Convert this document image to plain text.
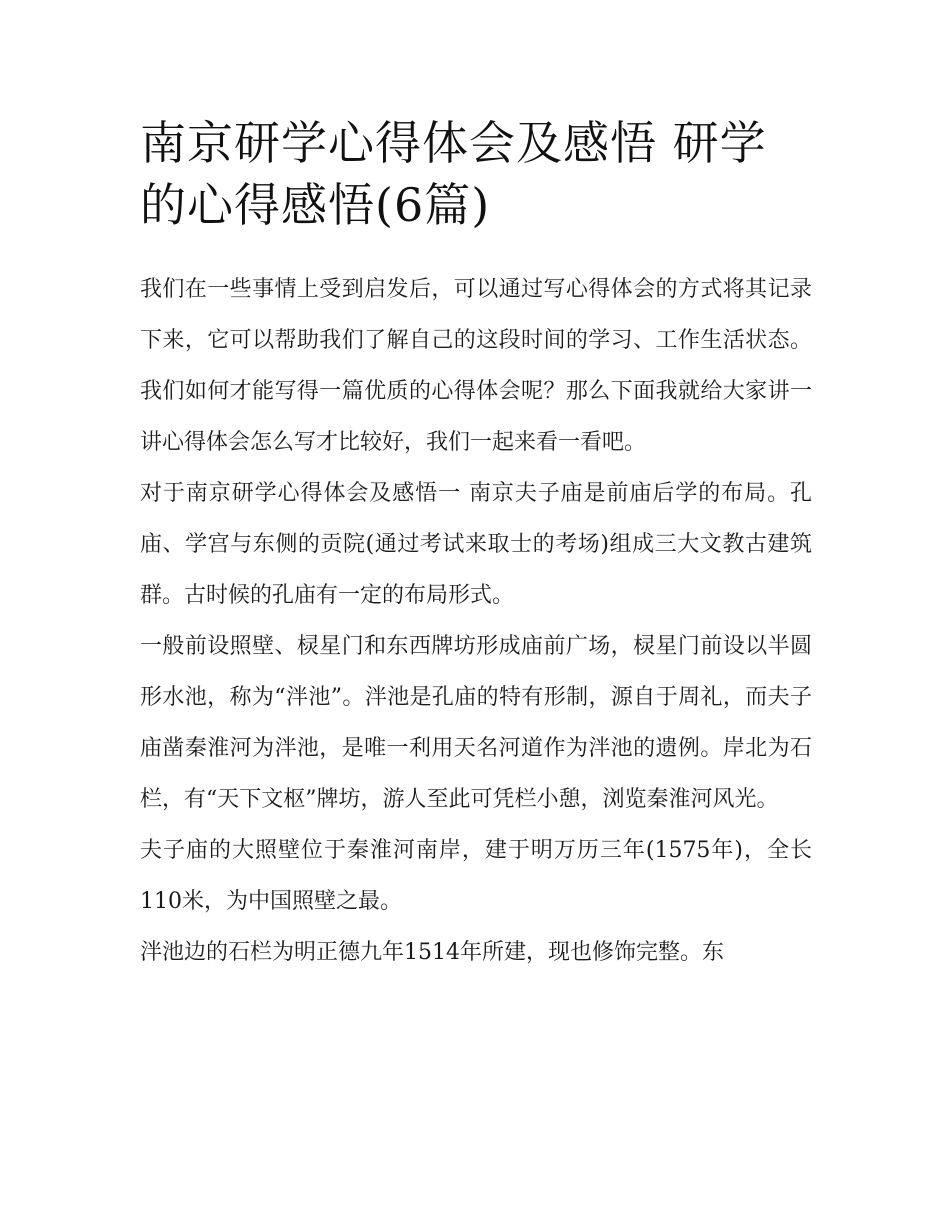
南京研学心得体会及感悟 研学的心得感悟(6篇)

我们在一些事情上受到启发后，可以通过写心得体会的方式将其记录下来，它可以帮助我们了解自己的这段时间的学习、工作生活状态。我们如何才能写得一篇优质的心得体会呢？那么下面我就给大家讲一讲心得体会怎么写才比较好，我们一起来看一看吧。

对于南京研学心得体会及感悟一 南京夫子庙是前庙后学的布局。孔庙、学宫与东侧的贡院(通过考试来取士的考场)组成三大文教古建筑群。古时候的孔庙有一定的布局形式。

一般前设照壁、棂星门和东西牌坊形成庙前广场，棂星门前设以半圆形水池，称为“泮池”。泮池是孔庙的特有形制，源自于周礼，而夫子庙凿秦淮河为泮池，是唯一利用天名河道作为泮池的遗例。岸北为石栏，有“天下文枢”牌坊，游人至此可凭栏小憩，浏览秦淮河风光。

夫子庙的大照壁位于秦淮河南岸，建于明万历三年(1575年)，全长110米，为中国照壁之最。

泮池边的石栏为明正德九年1514年所建，现也修饰完整。东
